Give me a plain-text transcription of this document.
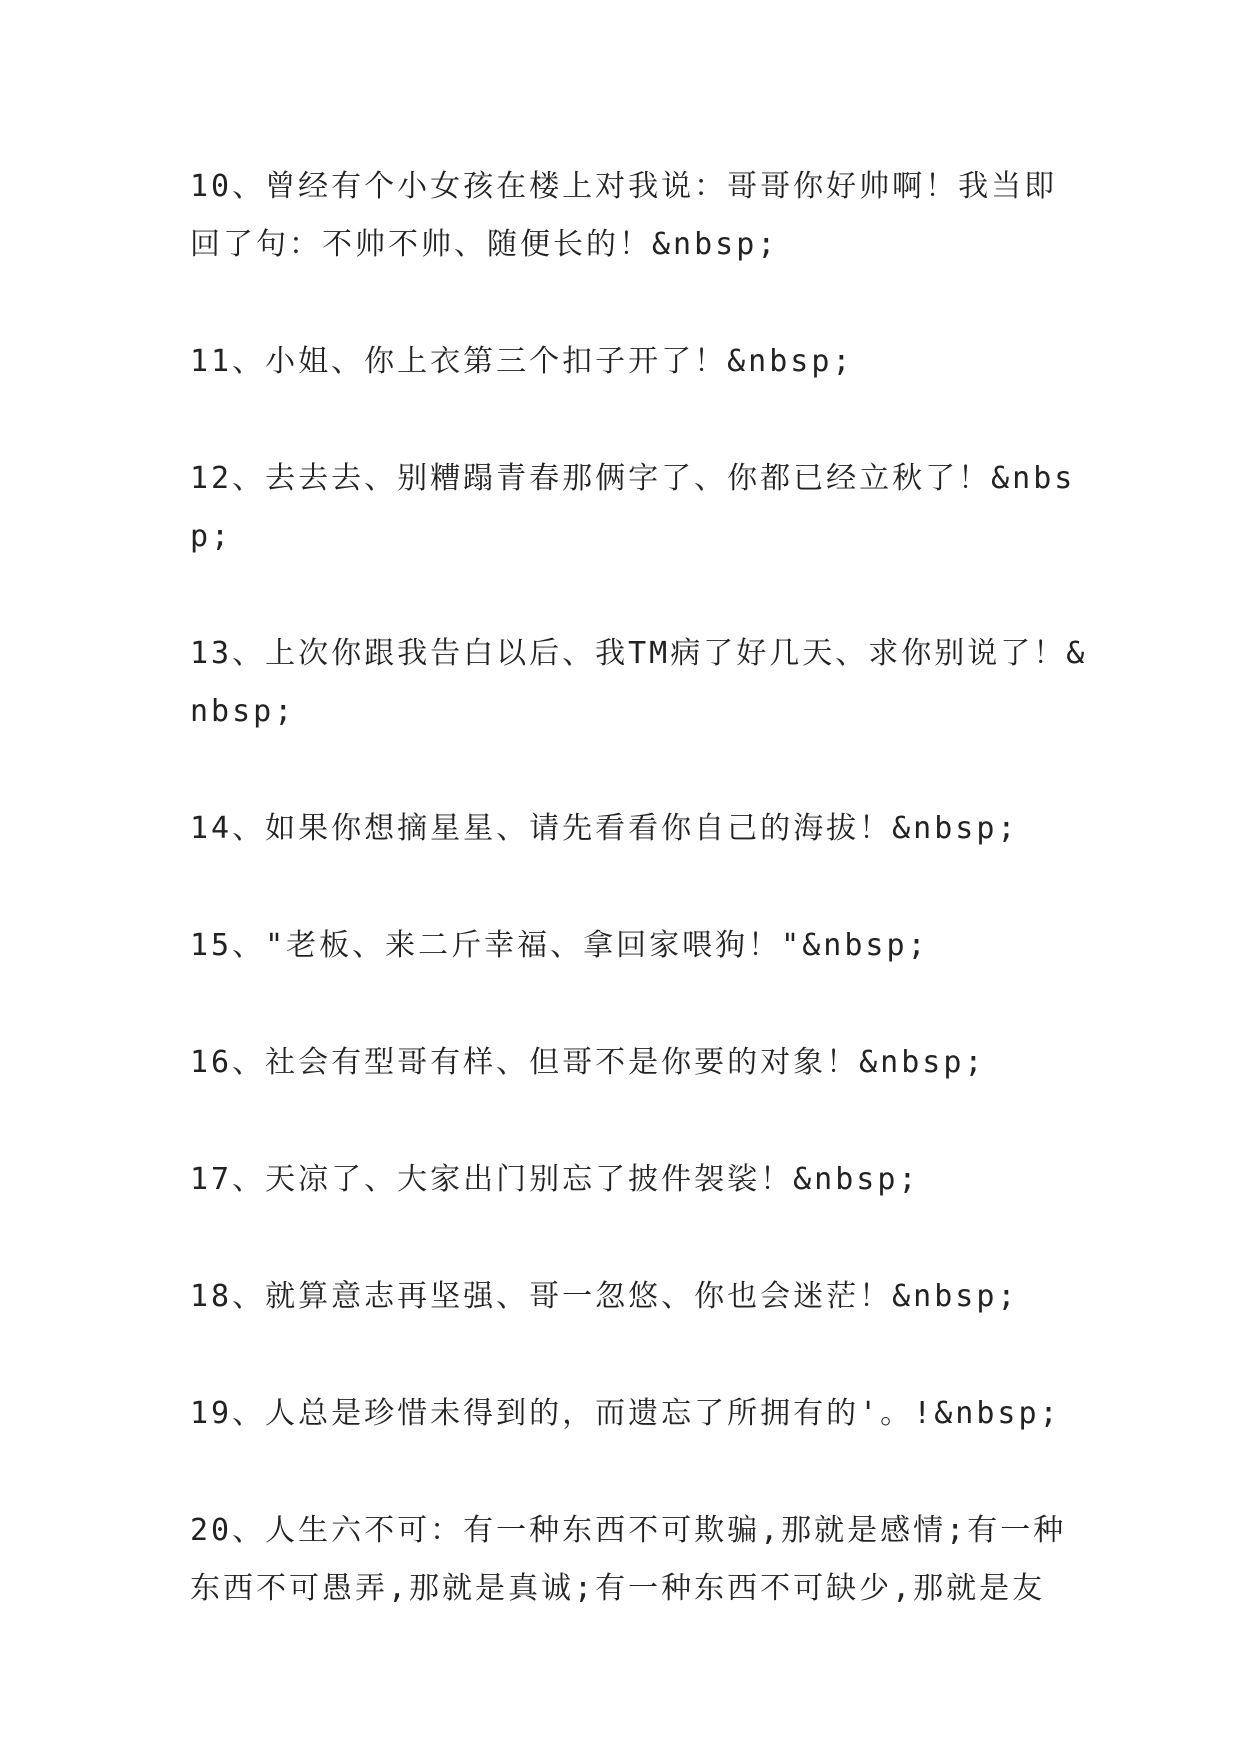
10、曾经有个小女孩在楼上对我说：哥哥你好帅啊！我当即回了句：不帅不帅、随便长的！&nbsp;

11、小姐、你上衣第三个扣子开了！&nbsp;

12、去去去、别糟蹋青春那俩字了、你都已经立秋了！&nbsp;

13、上次你跟我告白以后、我TM病了好几天、求你别说了！&nbsp;

14、如果你想摘星星、请先看看你自己的海拔！&nbsp;

15、"老板、来二斤幸福、拿回家喂狗！"&nbsp;

16、社会有型哥有样、但哥不是你要的对象！&nbsp;

17、天凉了、大家出门别忘了披件袈裟！&nbsp;

18、就算意志再坚强、哥一忽悠、你也会迷茫！&nbsp;

19、人总是珍惜未得到的，而遗忘了所拥有的'。!&nbsp;

20、人生六不可：有一种东西不可欺骗,那就是感情;有一种东西不可愚弄,那就是真诚;有一种东西不可缺少,那就是友
